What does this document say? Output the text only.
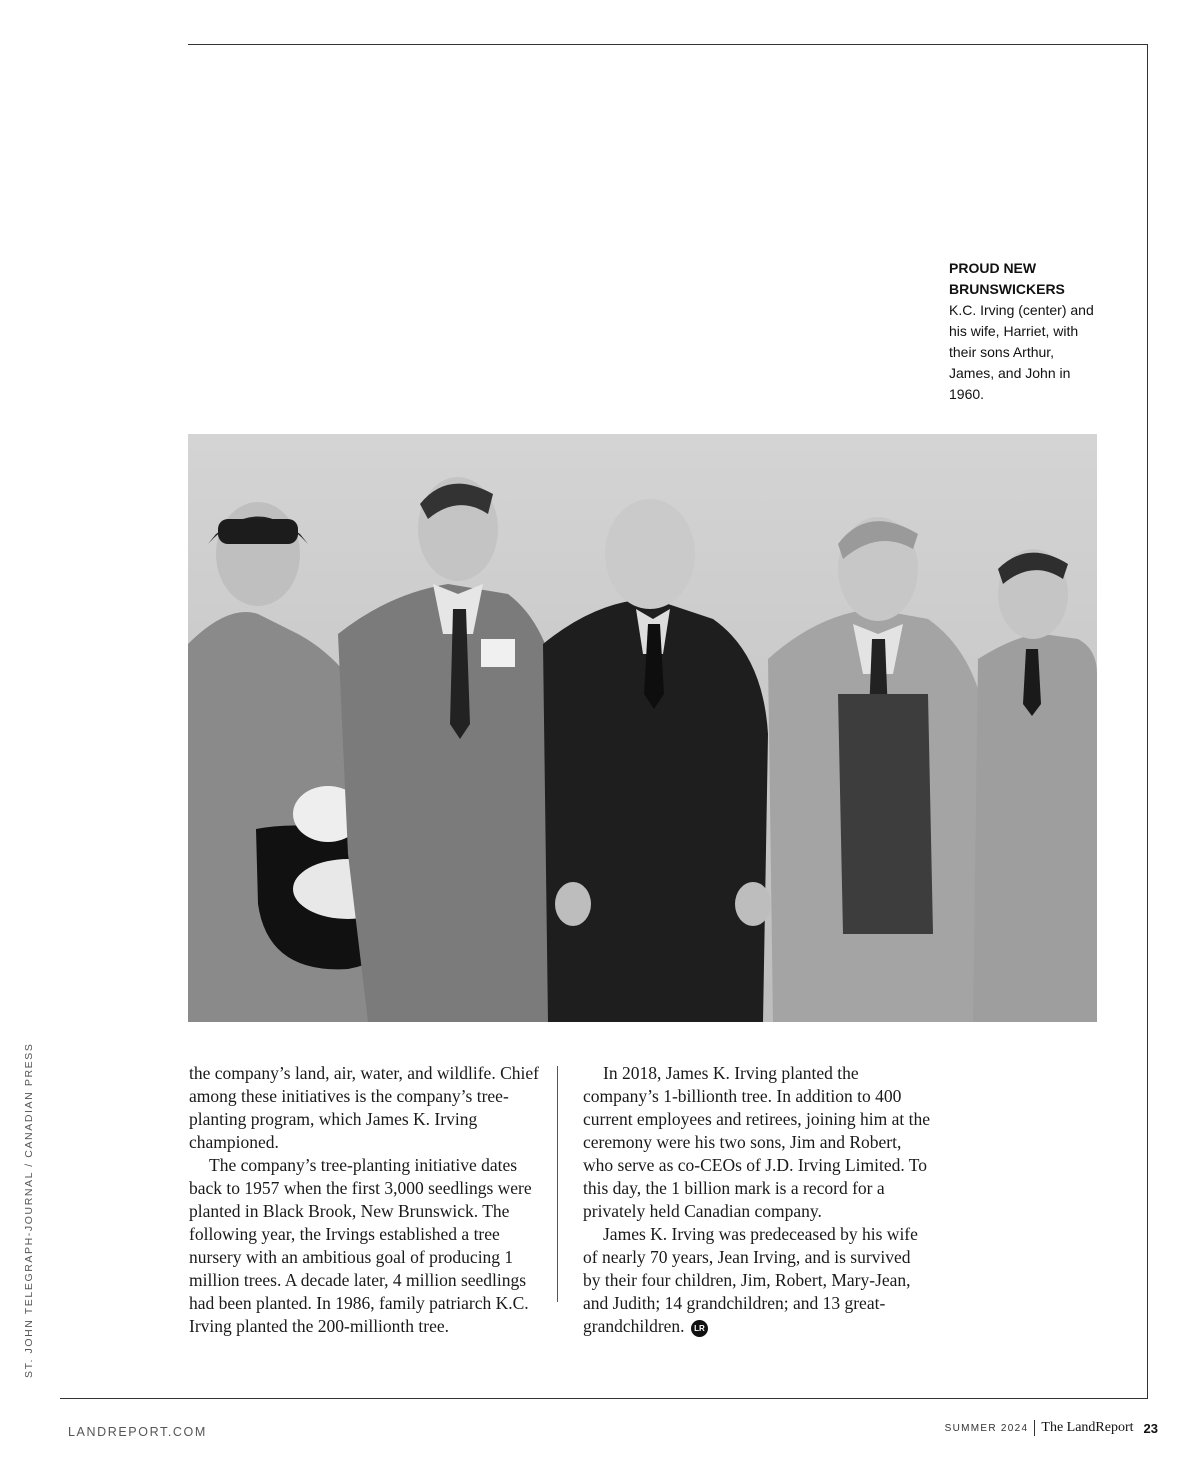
PROUD NEW BRUNSWICKERS
K.C. Irving (center) and his wife, Harriet, with their sons Arthur, James, and John in 1960.
ST. JOHN TELEGRAPH-JOURNAL / CANADIAN PRESS	the company’s land, air, water, and wildlife. Chief among these initiatives is the company’s tree-planting program, which James K. Irving championed.

The company’s tree-planting initiative dates back to 1957 when the first 3,000 seedlings were planted in Black Brook, New Brunswick. The following year, the Irvings established a tree nursery with an ambitious goal of producing 1 million trees. A decade later, 4 million seedlings had been planted. In 1986, family patriarch K.C. Irving planted the 200-millionth tree.

In 2018, James K. Irving planted the company’s 1-billionth tree. In addition to 400 current employees and retirees, joining him at the ceremony were his two sons, Jim and Robert, who serve as co-CEOs of J.D. Irving Limited. To this day, the 1 billion mark is a record for a privately held Canadian company.

James K. Irving was predeceased by his wife of nearly 70 years, Jean Irving, and is survived by their four children, Jim, Robert, Mary-Jean, and Judith; 14 grandchildren; and 13 great-grandchildren. LR

LANDREPORT.COM	SUMMER 2024 The LandReport 23
